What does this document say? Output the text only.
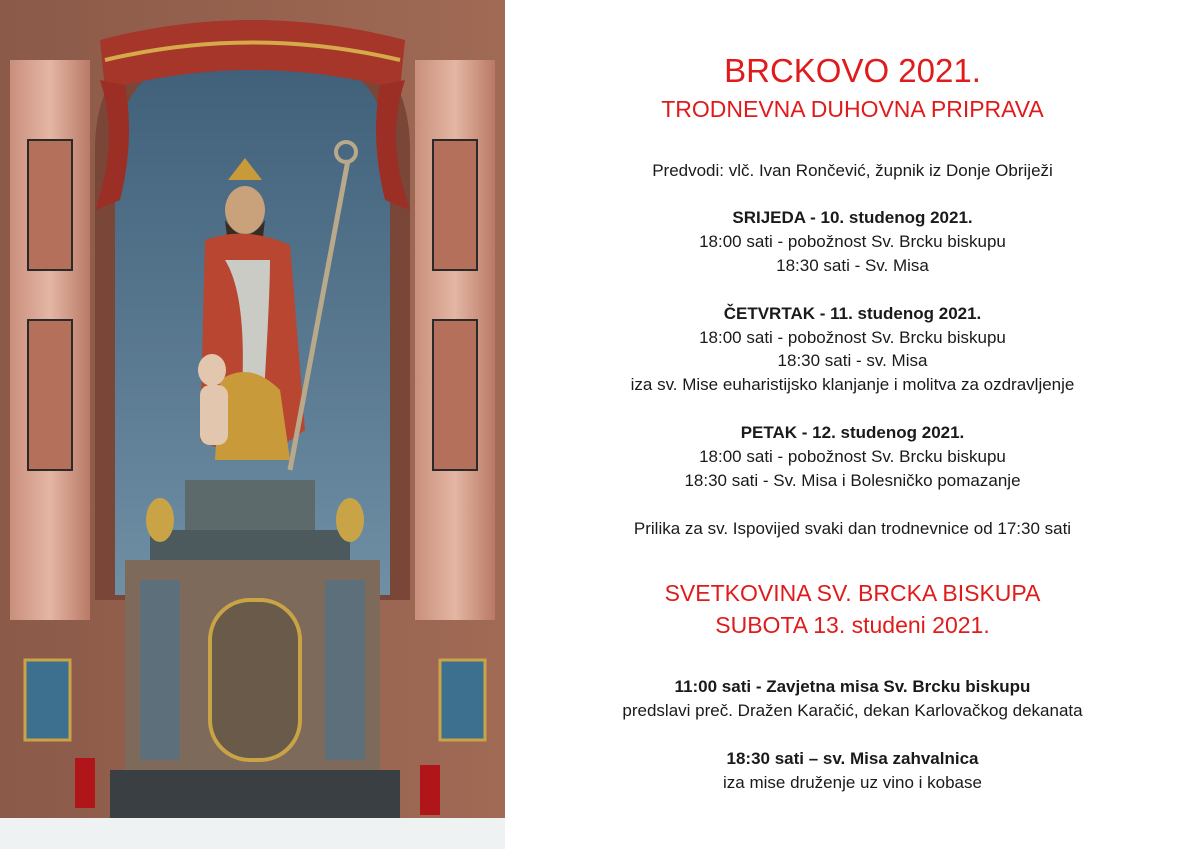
BRCKOVO 2021.
TRODNEVNA DUHOVNA PRIPRAVA
Predvodi: vlč. Ivan Rončević, župnik iz Donje Obriježi
SRIJEDA - 10. studenog 2021.
18:00 sati - pobožnost Sv. Brcku biskupu
18:30 sati - Sv. Misa
ČETVRTAK - 11. studenog 2021.
18:00 sati - pobožnost Sv. Brcku biskupu
18:30 sati - sv. Misa
iza sv. Mise euharistijsko klanjanje i molitva za ozdravljenje
PETAK - 12. studenog 2021.
18:00 sati - pobožnost Sv. Brcku biskupu
18:30 sati - Sv. Misa i Bolesničko pomazanje
Prilika za sv. Ispovijed svaki dan trodnevnice od 17:30 sati
SVETKOVINA SV. BRCKA BISKUPA
SUBOTA 13. studeni 2021.
11:00 sati - Zavjetna misa Sv. Brcku biskupu
predslavi preč. Dražen Karačić, dekan Karlovačkog dekanata
18:30 sati – sv. Misa zahvalnica
iza mise druženje uz vino i kobase
